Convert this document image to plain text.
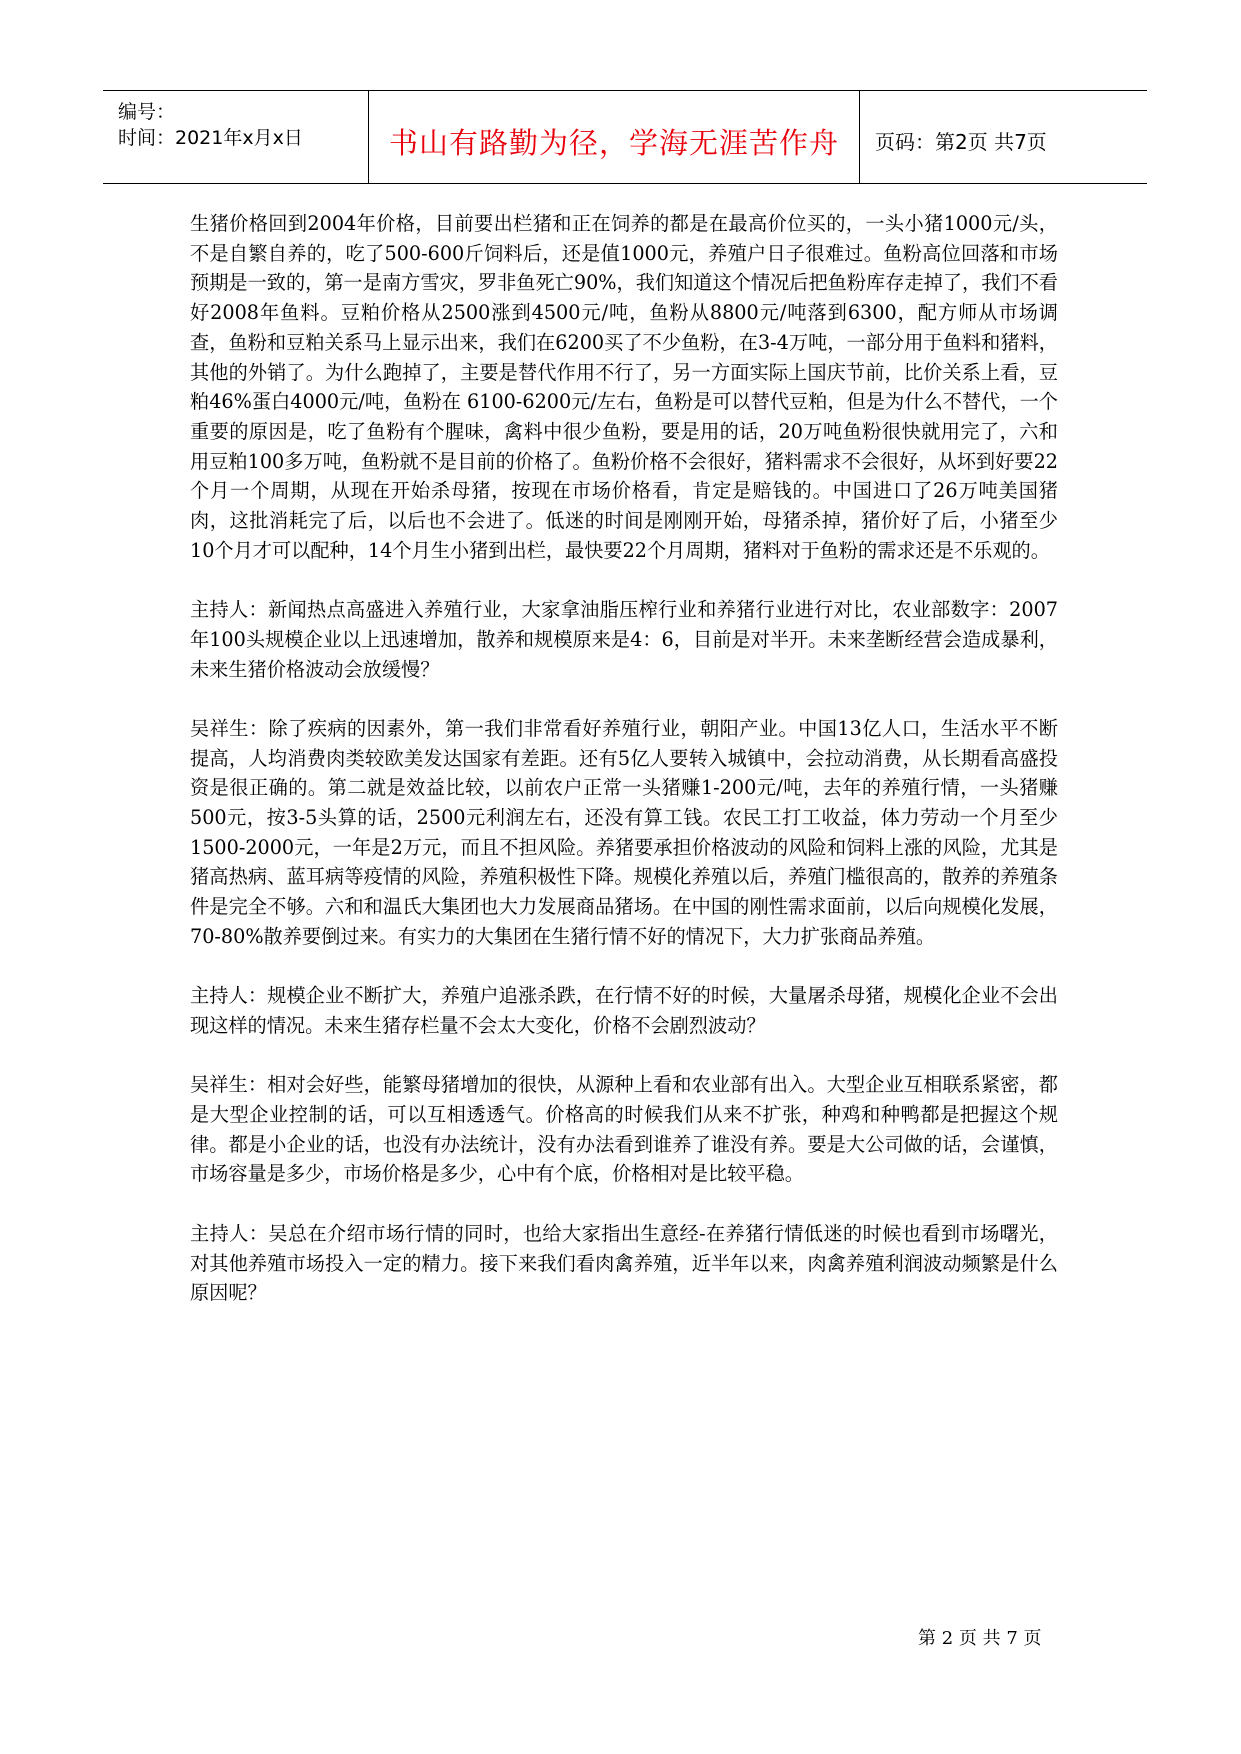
编号：
时间：2021年x月x日	书山有路勤为径，学海无涯苦作舟	页码：第2页 共7页

生猪价格回到2004年价格，目前要出栏猪和正在饲养的都是在最高价位买的，一头小猪1000元/头，不是自繁自养的，吃了500-600斤饲料后，还是值1000元，养殖户日子很难过。鱼粉高位回落和市场预期是一致的，第一是南方雪灾，罗非鱼死亡90%，我们知道这个情况后把鱼粉库存走掉了，我们不看好2008年鱼料。豆粕价格从2500涨到4500元/吨，鱼粉从8800元/吨落到6300，配方师从市场调查，鱼粉和豆粕关系马上显示出来，我们在6200买了不少鱼粉，在3-4万吨，一部分用于鱼料和猪料，其他的外销了。为什么跑掉了，主要是替代作用不行了，另一方面实际上国庆节前，比价关系上看，豆粕46%蛋白4000元/吨，鱼粉在 6100-6200元/左右，鱼粉是可以替代豆粕，但是为什么不替代，一个重要的原因是，吃了鱼粉有个腥味，禽料中很少鱼粉，要是用的话，20万吨鱼粉很快就用完了，六和用豆粕100多万吨，鱼粉就不是目前的价格了。鱼粉价格不会很好，猪料需求不会很好，从坏到好要22个月一个周期，从现在开始杀母猪，按现在市场价格看，肯定是赔钱的。中国进口了26万吨美国猪肉，这批消耗完了后，以后也不会进了。低迷的时间是刚刚开始，母猪杀掉，猪价好了后，小猪至少10个月才可以配种，14个月生小猪到出栏，最快要22个月周期，猪料对于鱼粉的需求还是不乐观的。

主持人：新闻热点高盛进入养殖行业，大家拿油脂压榨行业和养猪行业进行对比，农业部数字：2007年100头规模企业以上迅速增加，散养和规模原来是4：6，目前是对半开。未来垄断经营会造成暴利，未来生猪价格波动会放缓慢？

吴祥生：除了疾病的因素外，第一我们非常看好养殖行业，朝阳产业。中国13亿人口，生活水平不断提高，人均消费肉类较欧美发达国家有差距。还有5亿人要转入城镇中，会拉动消费，从长期看高盛投资是很正确的。第二就是效益比较，以前农户正常一头猪赚1-200元/吨，去年的养殖行情，一头猪赚500元，按3-5头算的话，2500元利润左右，还没有算工钱。农民工打工收益，体力劳动一个月至少 1500-2000元，一年是2万元，而且不担风险。养猪要承担价格波动的风险和饲料上涨的风险，尤其是猪高热病、蓝耳病等疫情的风险，养殖积极性下降。规模化养殖以后，养殖门槛很高的，散养的养殖条件是完全不够。六和和温氏大集团也大力发展商品猪场。在中国的刚性需求面前，以后向规模化发展，70-80%散养要倒过来。有实力的大集团在生猪行情不好的情况下，大力扩张商品养殖。

主持人：规模企业不断扩大，养殖户追涨杀跌，在行情不好的时候，大量屠杀母猪，规模化企业不会出现这样的情况。未来生猪存栏量不会太大变化，价格不会剧烈波动？

吴祥生：相对会好些，能繁母猪增加的很快，从源种上看和农业部有出入。大型企业互相联系紧密，都是大型企业控制的话，可以互相透透气。价格高的时候我们从来不扩张，种鸡和种鸭都是把握这个规律。都是小企业的话，也没有办法统计，没有办法看到谁养了谁没有养。要是大公司做的话，会谨慎，市场容量是多少，市场价格是多少，心中有个底，价格相对是比较平稳。

主持人：吴总在介绍市场行情的同时，也给大家指出生意经-在养猪行情低迷的时候也看到市场曙光，对其他养殖市场投入一定的精力。接下来我们看肉禽养殖，近半年以来，肉禽养殖利润波动频繁是什么原因呢？

第 2 页 共 7 页
